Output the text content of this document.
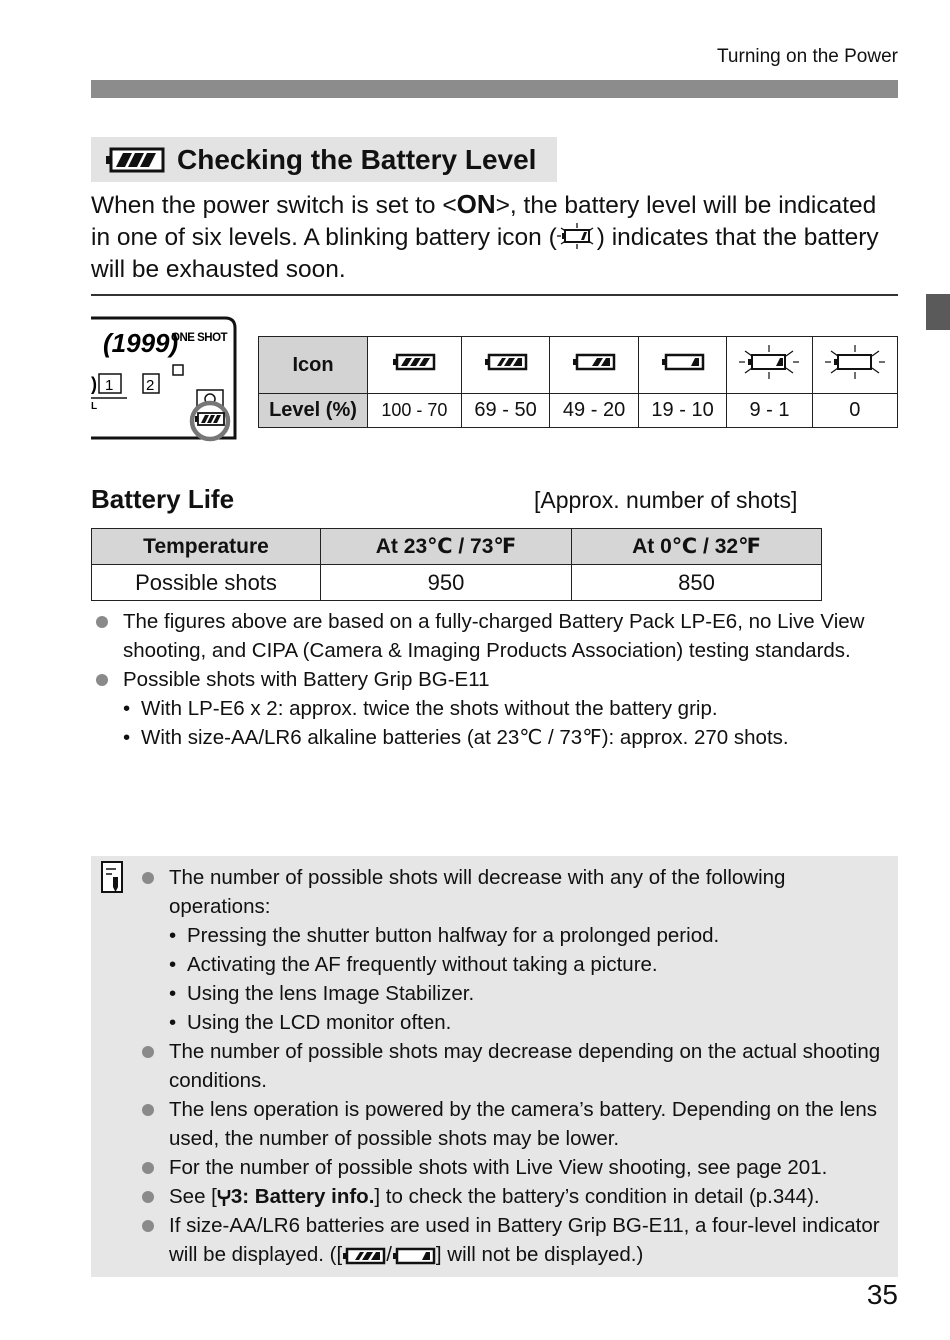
Turning on the Power
Checking the Battery Level
When the power switch is set to <ON>, the battery level will be indicated in one of six levels. A blinking battery icon ( ) indicates that the battery will be exhausted soon.
(1999)
ONE SHOT
) 1 2
L
Icon						
Level (%)	100 - 70	69 - 50	49 - 20	19 - 10	9 - 1	0
Battery Life	[Approx. number of shots]
Temperature	At 23℃ / 73℉	At 0℃ / 32℉
Possible shots	950	850
The figures above are based on a fully-charged Battery Pack LP-E6, no Live View shooting, and CIPA (Camera & Imaging Products Association) testing standards.
Possible shots with Battery Grip BG-E11
• With LP-E6 x 2: approx. twice the shots without the battery grip.
• With size-AA/LR6 alkaline batteries (at 23℃ / 73℉): approx. 270 shots.
The number of possible shots will decrease with any of the following operations:
• Pressing the shutter button halfway for a prolonged period.
• Activating the AF frequently without taking a picture.
• Using the lens Image Stabilizer.
• Using the LCD monitor often.
The number of possible shots may decrease depending on the actual shooting conditions.
The lens operation is powered by the camera’s battery. Depending on the lens used, the number of possible shots may be lower.
For the number of possible shots with Live View shooting, see page 201.
See [ 3: Battery info.] to check the battery’s condition in detail (p.344).
If size-AA/LR6 batteries are used in Battery Grip BG-E11, a four-level indicator will be displayed. ([ / ] will not be displayed.)
35
